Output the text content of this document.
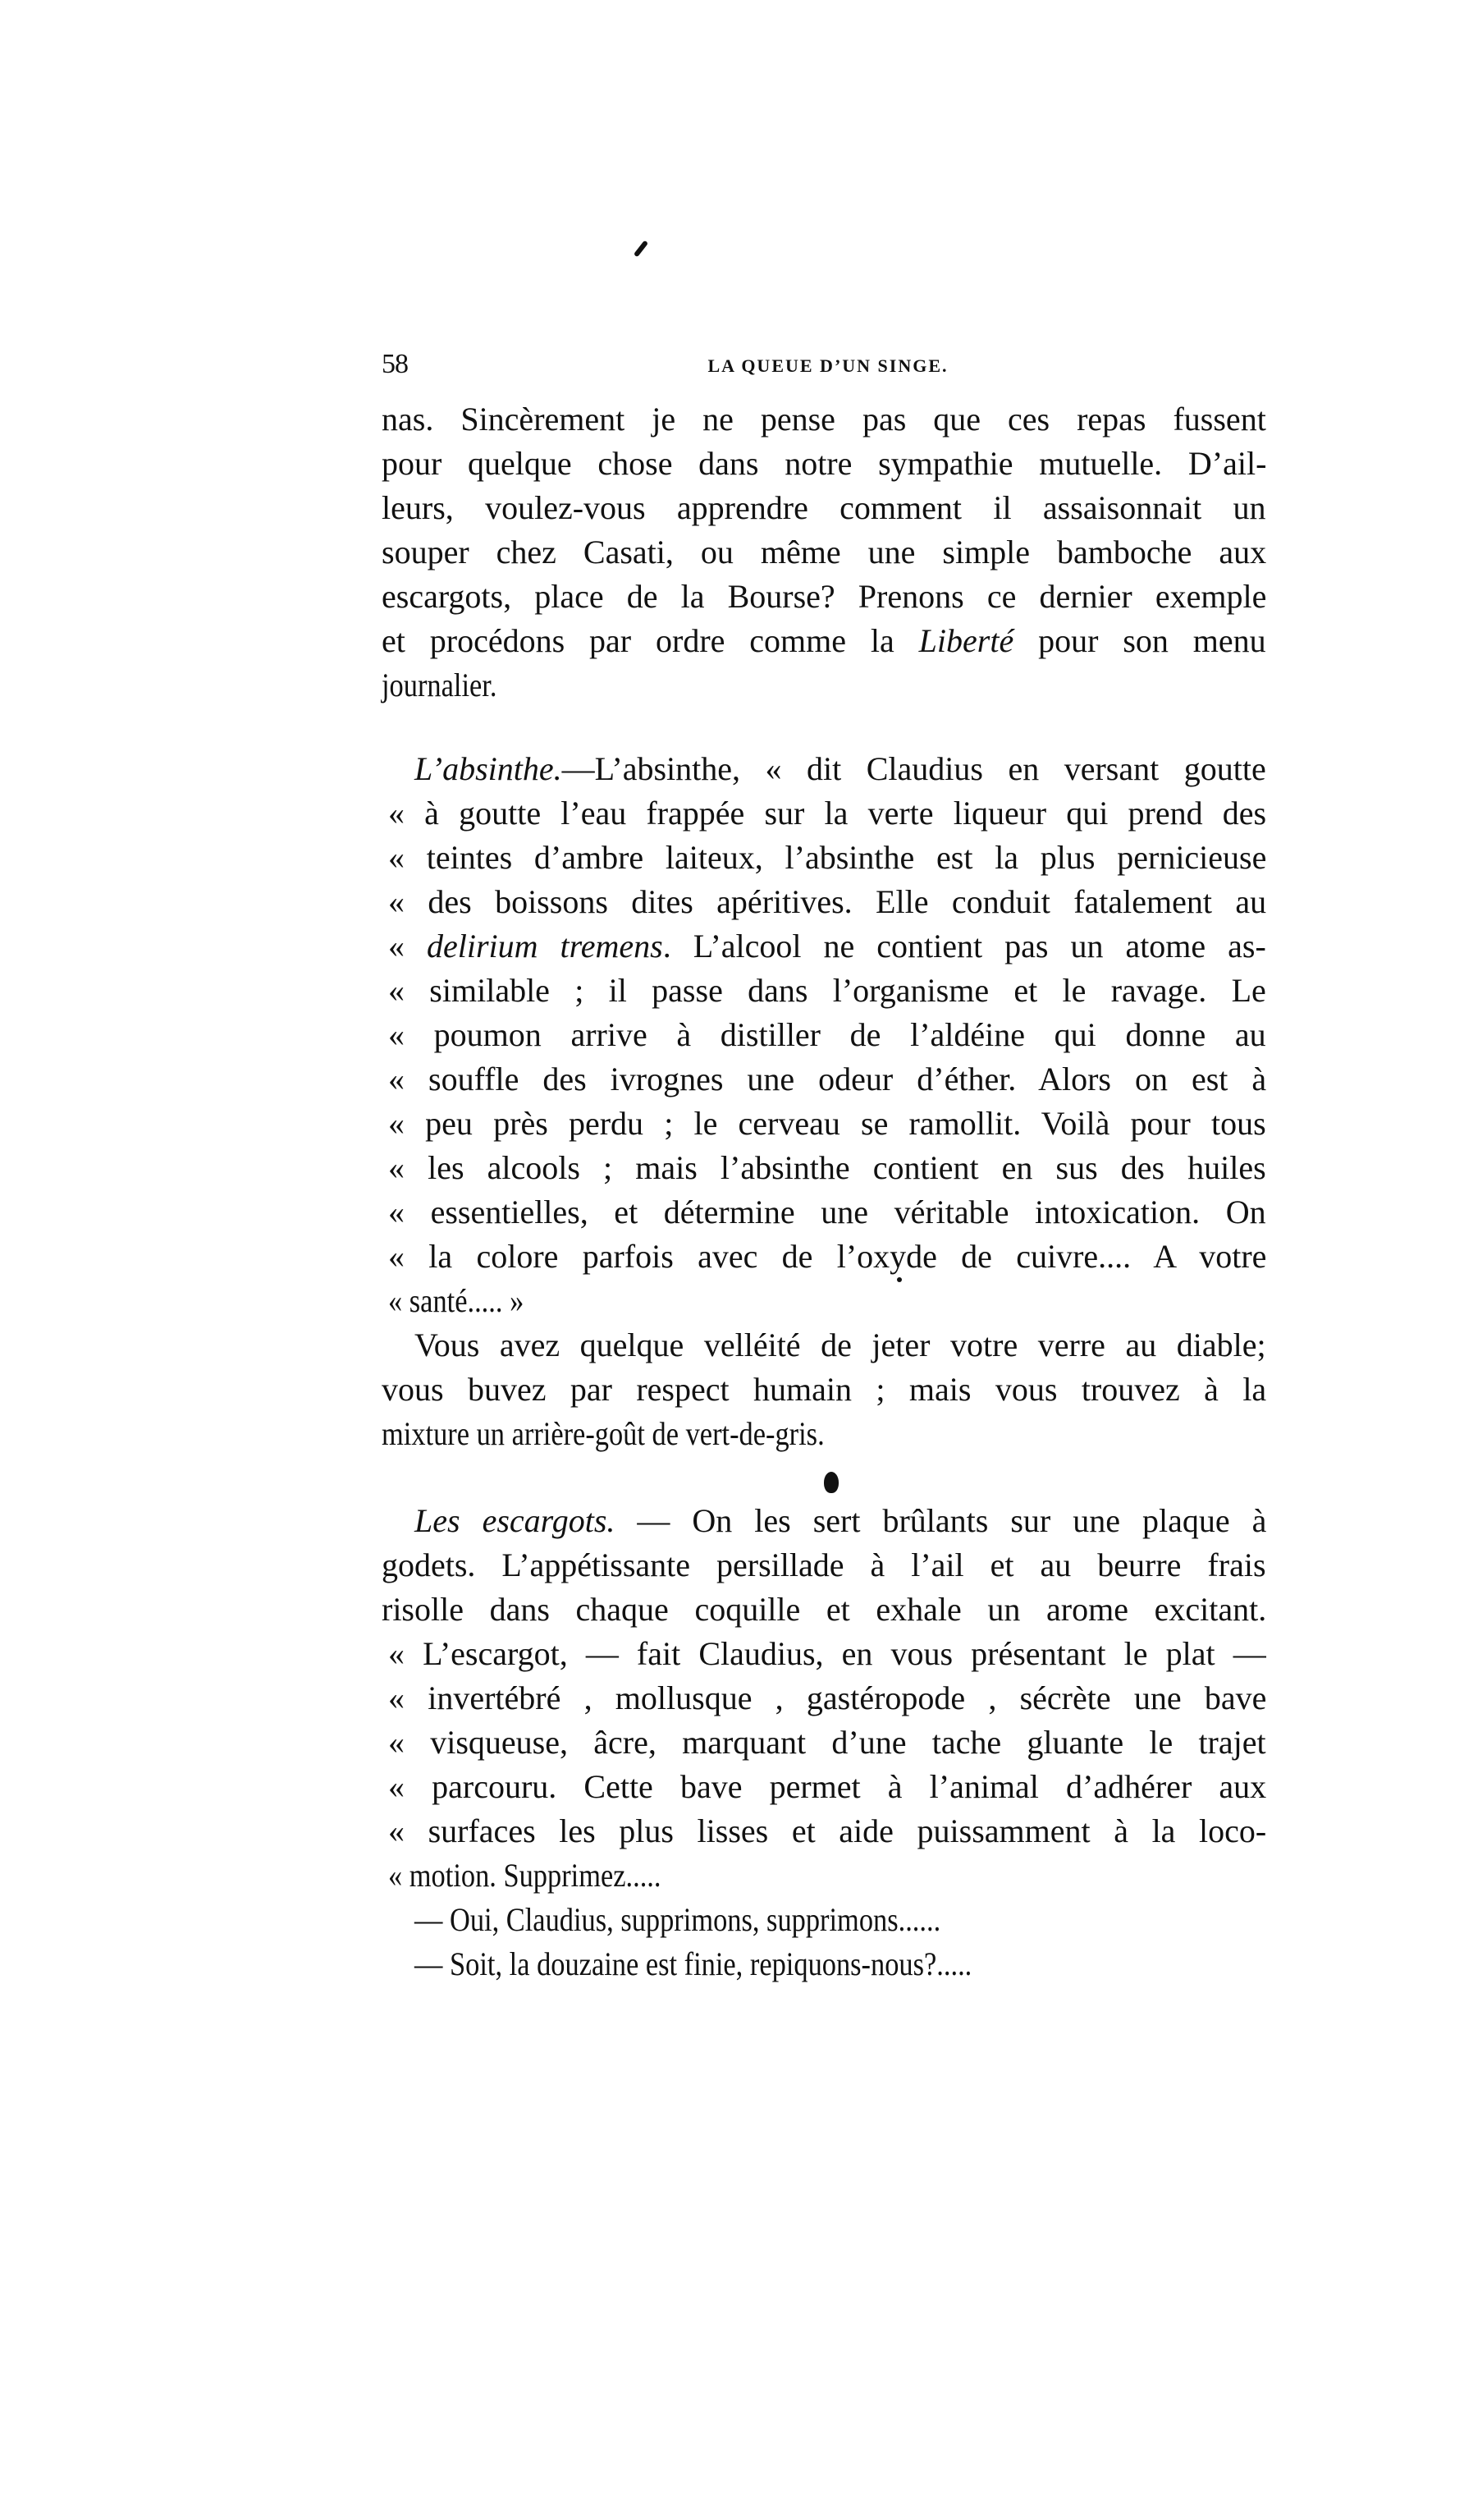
58	LA QUEUE D’UN SINGE.
nas. Sincèrement je ne pense pas que ces repas fussent
pour quelque chose dans notre sympathie mutuelle. D’ail-
leurs, voulez-vous apprendre comment il assaisonnait un
souper chez Casati, ou même une simple bamboche aux
escargots, place de la Bourse? Prenons ce dernier exemple
et procédons par ordre comme la Liberté pour son menu
journalier.
L’absinthe.—L’absinthe, « dit Claudius en versant goutte
« à goutte l’eau frappée sur la verte liqueur qui prend des
« teintes d’ambre laiteux, l’absinthe est la plus pernicieuse
« des boissons dites apéritives. Elle conduit fatalement au
« delirium tremens. L’alcool ne contient pas un atome as-
« similable ; il passe dans l’organisme et le ravage. Le
« poumon arrive à distiller de l’aldéine qui donne au
« souffle des ivrognes une odeur d’éther. Alors on est à
« peu près perdu ; le cerveau se ramollit. Voilà pour tous
« les alcools ; mais l’absinthe contient en sus des huiles
« essentielles, et détermine une véritable intoxication. On
« la colore parfois avec de l’oxyde de cuivre.... A votre
« santé..... »
Vous avez quelque velléité de jeter votre verre au diable;
vous buvez par respect humain ; mais vous trouvez à la
mixture un arrière-goût de vert-de-gris.
Les escargots. — On les sert brûlants sur une plaque à
godets. L’appétissante persillade à l’ail et au beurre frais
risolle dans chaque coquille et exhale un arome excitant.
« L’escargot, — fait Claudius, en vous présentant le plat —
« invertébré , mollusque , gastéropode , sécrète une bave
« visqueuse, âcre, marquant d’une tache gluante le trajet
« parcouru. Cette bave permet à l’animal d’adhérer aux
« surfaces les plus lisses et aide puissamment à la loco-
« motion. Supprimez.....
— Oui, Claudius, supprimons, supprimons......
— Soit, la douzaine est finie, repiquons-nous?.....
